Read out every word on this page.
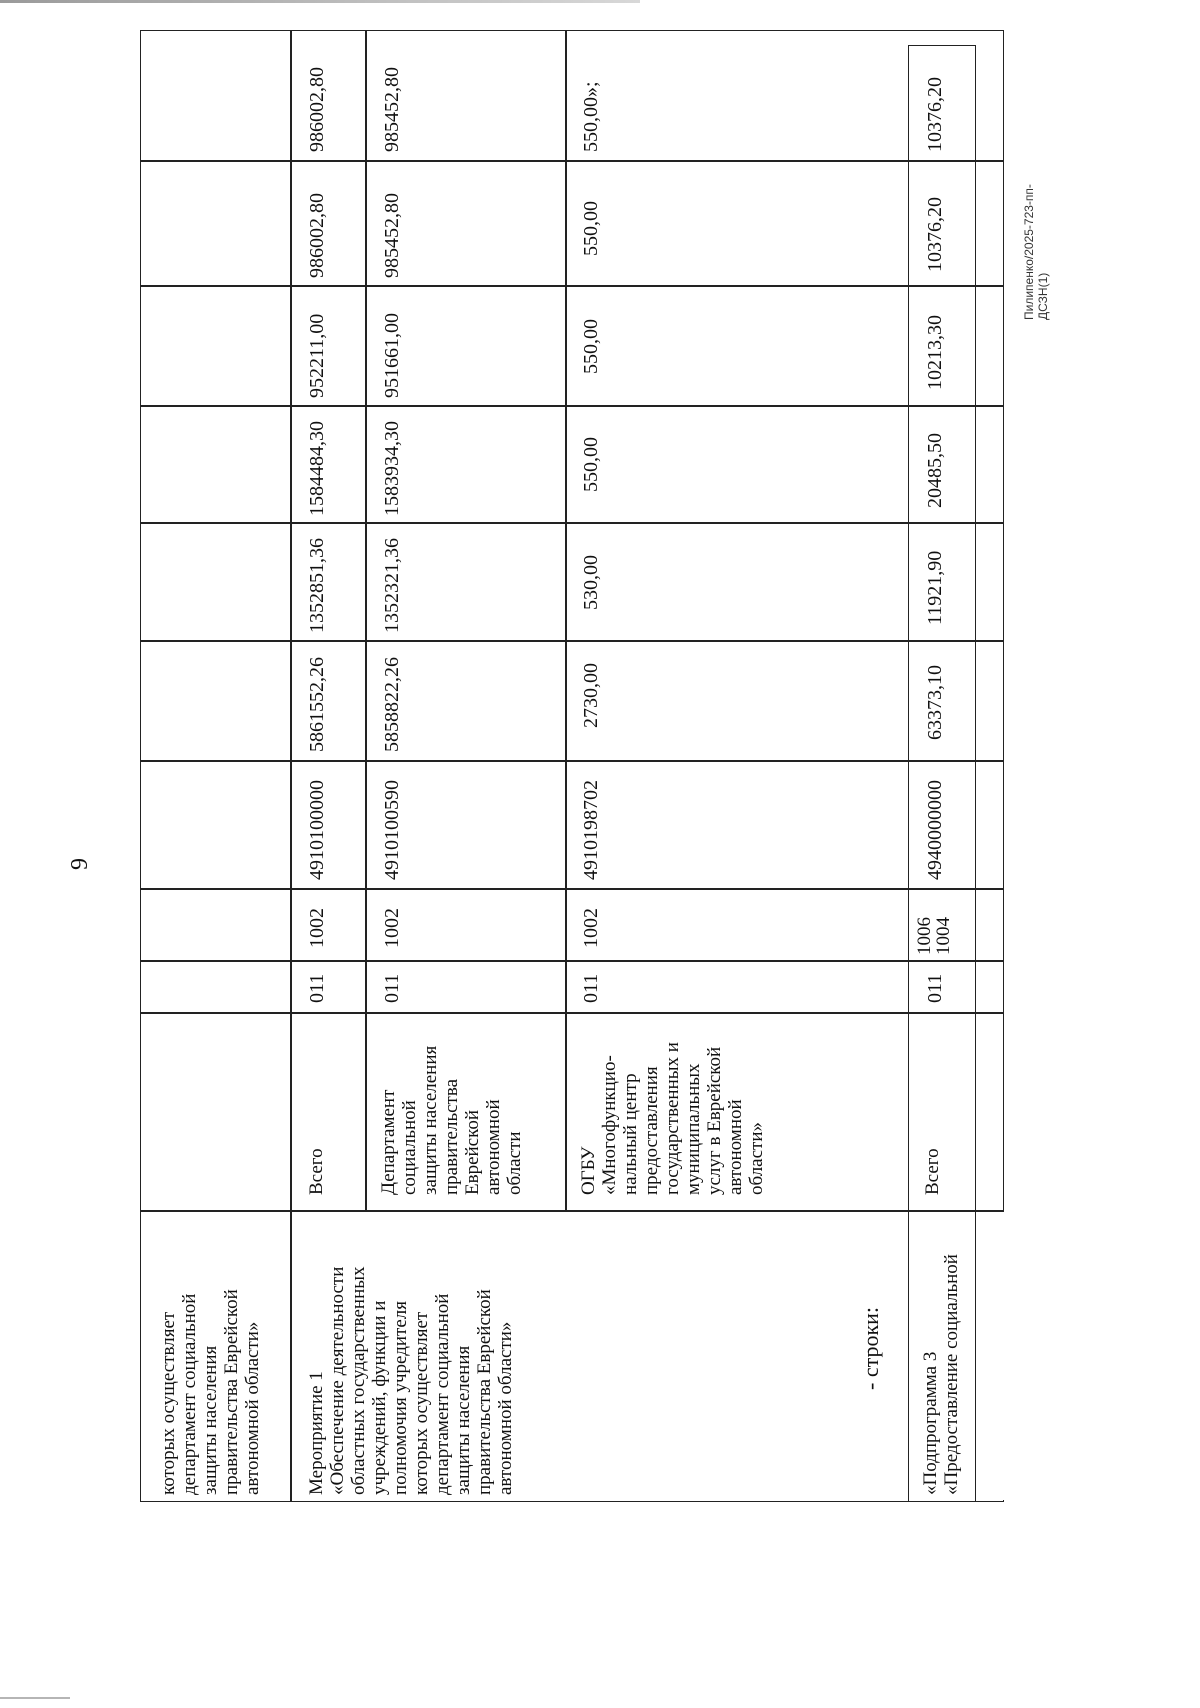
9
которых осуществляет
департамент социальной
защиты населения
правительства Еврейской
автономной области»
Мероприятие 1
«Обеспечение деятельности
областных государственных
учреждений, функции и
полномочия учредителя
которых осуществляет
департамент социальной
защиты населения
правительства Еврейской
автономной области»
Всего
011
1002
4910100000
5861552,26
1352851,36
1584484,30
952211,00
986002,80
986002,80
Департамент
социальной
защиты населения
правительства
Еврейской
автономной
области
011
1002
4910100590
5858822,26
1352321,36
1583934,30
951661,00
985452,80
985452,80
ОГБУ
«Многофункцио-
нальный центр
предоставления
государственных и
муниципальных
услуг в Еврейской
автономной
области»
011
1002
4910198702
2730,00
530,00
550,00
550,00
550,00
550,00»;
- строки:
«Подпрограмма 3
«Предоставление социальной
Всего
011
1006
1004
4940000000
63373,10
11921,90
20485,50
10213,30
10376,20
10376,20
Пилипенко/2025-723-пп-ДСЗН(1)
